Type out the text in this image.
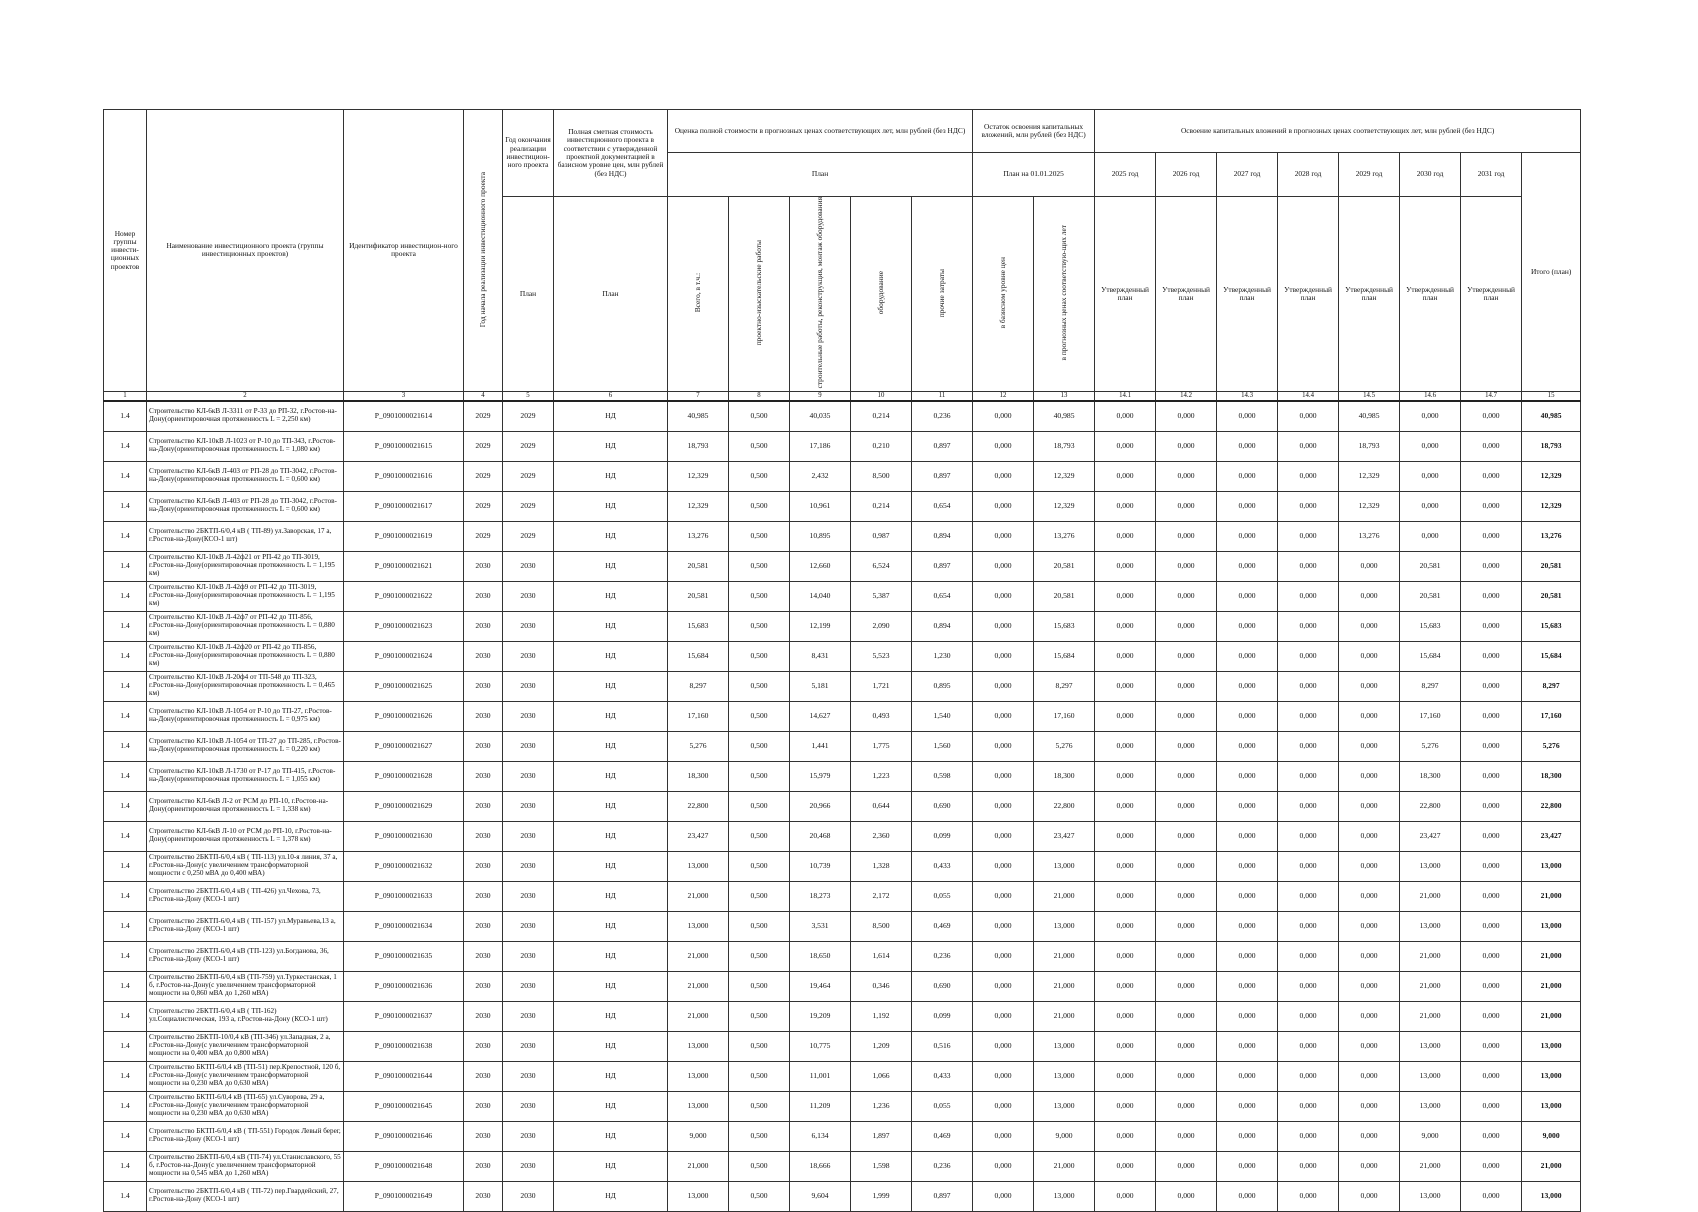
Номер группы инвести-ционных проектов	Наименование инвестиционного проекта (группы инвестиционных проектов)	Идентификатор инвестицион-ного проекта	Год начала реализации инвестиционного проекта	Год окончания реализации инвестицион-ного проекта	Полная сметная стоимость инвестиционного проекта в соответствии с утвержденной проектной документацией в базисном уровне цен, млн рублей (без НДС)	Оценка полной стоимости в прогнозных ценах соответствующих лет, млн рублей (без НДС)					Остаток освоения капитальных вложений, млн рублей (без НДС)		Освоение капитальных вложений в прогнозных ценах соответствующих лет, млн рублей (без НДС)							
						План					План на 01.01.2025		2025 год	2026 год	2027 год	2028 год	2029 год	2030 год	2031 год	Итого (план)
				План	План	Всего, в т.ч.:	проектно-изыскательские работы	строительные работы, реконструкция, монтаж оборудования	оборудование	прочие затраты	в базисном уровне цен	в прогнозных ценах соответствую-щих лет	Утвержденный план	Утвержденный план	Утвержденный план	Утвержденный план	Утвержденный план	Утвержденный план	Утвержденный план	
1	2	3	4	5	6	7	8	9	10	11	12	13	14.1	14.2	14.3	14.4	14.5	14.6	14.7	15
1.4	Строительство КЛ-6кВ Л-3311 от Р-33 до РП-32, г.Ростов-на-Дону(ориентировочная протяженность L = 2,250 км)	P_0901000021614	2029	2029	НД	40,985	0,500	40,035	0,214	0,236	0,000	40,985	0,000	0,000	0,000	0,000	40,985	0,000	0,000	40,985
1.4	Строительство КЛ-10кВ Л-1023 от Р-10 до ТП-343, г.Ростов-на-Дону(ориентировочная протяженность L = 1,080 км)	P_0901000021615	2029	2029	НД	18,793	0,500	17,186	0,210	0,897	0,000	18,793	0,000	0,000	0,000	0,000	18,793	0,000	0,000	18,793
1.4	Строительство КЛ-6кВ Л-403 от РП-28 до ТП-3042, г.Ростов-на-Дону(ориентировочная протяженность L = 0,600 км)	P_0901000021616	2029	2029	НД	12,329	0,500	2,432	8,500	0,897	0,000	12,329	0,000	0,000	0,000	0,000	12,329	0,000	0,000	12,329
1.4	Строительство КЛ-6кВ Л-403 от РП-28 до ТП-3042, г.Ростов-на-Дону(ориентировочная протяженность L = 0,600 км)	P_0901000021617	2029	2029	НД	12,329	0,500	10,961	0,214	0,654	0,000	12,329	0,000	0,000	0,000	0,000	12,329	0,000	0,000	12,329
1.4	Строительство 2БКТП-6/0,4 кВ ( ТП-89) ул.Заворская, 17 а, г.Ростов-на-Дону(КСО-1 шт)	P_0901000021619	2029	2029	НД	13,276	0,500	10,895	0,987	0,894	0,000	13,276	0,000	0,000	0,000	0,000	13,276	0,000	0,000	13,276
1.4	Строительство КЛ-10кВ Л-42ф21 от РП-42 до ТП-3019, г.Ростов-на-Дону(ориентировочная протяженность L = 1,195 км)	P_0901000021621	2030	2030	НД	20,581	0,500	12,660	6,524	0,897	0,000	20,581	0,000	0,000	0,000	0,000	0,000	20,581	0,000	20,581
1.4	Строительство КЛ-10кВ Л-42ф9 от РП-42 до ТП-3019, г.Ростов-на-Дону(ориентировочная протяженность L = 1,195 км)	P_0901000021622	2030	2030	НД	20,581	0,500	14,040	5,387	0,654	0,000	20,581	0,000	0,000	0,000	0,000	0,000	20,581	0,000	20,581
1.4	Строительство КЛ-10кВ Л-42ф7 от РП-42 до ТП-856, г.Ростов-на-Дону(ориентировочная протяженность L = 0,880 км)	P_0901000021623	2030	2030	НД	15,683	0,500	12,199	2,090	0,894	0,000	15,683	0,000	0,000	0,000	0,000	0,000	15,683	0,000	15,683
1.4	Строительство КЛ-10кВ Л-42ф20 от РП-42 до ТП-856, г.Ростов-на-Дону(ориентировочная протяженность L = 0,880 км)	P_0901000021624	2030	2030	НД	15,684	0,500	8,431	5,523	1,230	0,000	15,684	0,000	0,000	0,000	0,000	0,000	15,684	0,000	15,684
1.4	Строительство КЛ-10кВ Л-20ф4 от ТП-548 до ТП-323, г.Ростов-на-Дону(ориентировочная протяженность L = 0,465 км)	P_0901000021625	2030	2030	НД	8,297	0,500	5,181	1,721	0,895	0,000	8,297	0,000	0,000	0,000	0,000	0,000	8,297	0,000	8,297
1.4	Строительство КЛ-10кВ Л-1054 от Р-10 до ТП-27, г.Ростов-на-Дону(ориентировочная протяженность L = 0,975 км)	P_0901000021626	2030	2030	НД	17,160	0,500	14,627	0,493	1,540	0,000	17,160	0,000	0,000	0,000	0,000	0,000	17,160	0,000	17,160
1.4	Строительство КЛ-10кВ Л-1054 от ТП-27 до ТП-285, г.Ростов-на-Дону(ориентировочная протяженность L = 0,220 км)	P_0901000021627	2030	2030	НД	5,276	0,500	1,441	1,775	1,560	0,000	5,276	0,000	0,000	0,000	0,000	0,000	5,276	0,000	5,276
1.4	Строительство КЛ-10кВ Л-1730 от Р-17 до ТП-415, г.Ростов-на-Дону(ориентировочная протяженность L = 1,055 км)	P_0901000021628	2030	2030	НД	18,300	0,500	15,979	1,223	0,598	0,000	18,300	0,000	0,000	0,000	0,000	0,000	18,300	0,000	18,300
1.4	Строительство КЛ-6кВ Л-2 от РСМ до РП-10, г.Ростов-на-Дону(ориентировочная протяженность L = 1,338 км)	P_0901000021629	2030	2030	НД	22,800	0,500	20,966	0,644	0,690	0,000	22,800	0,000	0,000	0,000	0,000	0,000	22,800	0,000	22,800
1.4	Строительство КЛ-6кВ Л-10 от РСМ до РП-10, г.Ростов-на-Дону(ориентировочная протяженность L = 1,378 км)	P_0901000021630	2030	2030	НД	23,427	0,500	20,468	2,360	0,099	0,000	23,427	0,000	0,000	0,000	0,000	0,000	23,427	0,000	23,427
1.4	Строительство 2БКТП-6/0,4 кВ ( ТП-113) ул.10-я линия, 37 а, г.Ростов-на-Дону(с увеличением трансформаторной мощности с 0,250 мВА до 0,400 мВА)	P_0901000021632	2030	2030	НД	13,000	0,500	10,739	1,328	0,433	0,000	13,000	0,000	0,000	0,000	0,000	0,000	13,000	0,000	13,000
1.4	Строительство 2БКТП-6/0,4 кВ ( ТП-426) ул.Чехова, 73, г.Ростов-на-Дону (КСО-1 шт)	P_0901000021633	2030	2030	НД	21,000	0,500	18,273	2,172	0,055	0,000	21,000	0,000	0,000	0,000	0,000	0,000	21,000	0,000	21,000
1.4	Строительство 2БКТП-6/0,4 кВ ( ТП-157) ул.Муравьева,13 а, г.Ростов-на-Дону (КСО-1 шт)	P_0901000021634	2030	2030	НД	13,000	0,500	3,531	8,500	0,469	0,000	13,000	0,000	0,000	0,000	0,000	0,000	13,000	0,000	13,000
1.4	Строительство 2БКТП-6/0,4 кВ (ТП-123) ул.Богданова, 36, г.Ростов-на-Дону (КСО-1 шт)	P_0901000021635	2030	2030	НД	21,000	0,500	18,650	1,614	0,236	0,000	21,000	0,000	0,000	0,000	0,000	0,000	21,000	0,000	21,000
1.4	Строительство 2БКТП-6/0,4 кВ (ТП-759) ул.Туркестанская, 1 б, г.Ростов-на-Дону(с увеличением трансформаторной мощности на 0,860 мВА до 1,260 мВА)	P_0901000021636	2030	2030	НД	21,000	0,500	19,464	0,346	0,690	0,000	21,000	0,000	0,000	0,000	0,000	0,000	21,000	0,000	21,000
1.4	Строительство 2БКТП-6/0,4 кВ ( ТП-162) ул.Социалистическая, 193 а, г.Ростов-на-Дону (КСО-1 шт)	P_0901000021637	2030	2030	НД	21,000	0,500	19,209	1,192	0,099	0,000	21,000	0,000	0,000	0,000	0,000	0,000	21,000	0,000	21,000
1.4	Строительство 2БКТП-10/0,4 кВ (ТП-346) ул.Западная, 2 а, г.Ростов-на-Дону(с увеличением трансформаторной мощности на 0,400 мВА до 0,800 мВА)	P_0901000021638	2030	2030	НД	13,000	0,500	10,775	1,209	0,516	0,000	13,000	0,000	0,000	0,000	0,000	0,000	13,000	0,000	13,000
1.4	Строительство БКТП-6/0,4 кВ (ТП-51) пер.Крепостной, 120 б, г.Ростов-на-Дону(с увеличением трансформаторной мощности на 0,230 мВА до 0,630 мВА)	P_0901000021644	2030	2030	НД	13,000	0,500	11,001	1,066	0,433	0,000	13,000	0,000	0,000	0,000	0,000	0,000	13,000	0,000	13,000
1.4	Строительство БКТП-6/0,4 кВ (ТП-65) ул.Суворова, 29 а, г.Ростов-на-Дону(с увеличением трансформаторной мощности на 0,230 мВА до 0,630 мВА)	P_0901000021645	2030	2030	НД	13,000	0,500	11,209	1,236	0,055	0,000	13,000	0,000	0,000	0,000	0,000	0,000	13,000	0,000	13,000
1.4	Строительство БКТП-6/0,4 кВ ( ТП-551) Городок Левый берег, г.Ростов-на-Дону (КСО-1 шт)	P_0901000021646	2030	2030	НД	9,000	0,500	6,134	1,897	0,469	0,000	9,000	0,000	0,000	0,000	0,000	0,000	9,000	0,000	9,000
1.4	Строительство 2БКТП-6/0,4 кВ (ТП-74) ул.Станиславского, 55 б, г.Ростов-на-Дону(с увеличением трансформаторной мощности на 0,545 мВА до 1,260 мВА)	P_0901000021648	2030	2030	НД	21,000	0,500	18,666	1,598	0,236	0,000	21,000	0,000	0,000	0,000	0,000	0,000	21,000	0,000	21,000
1.4	Строительство 2БКТП-6/0,4 кВ ( ТП-72) пер.Гвардейский, 27, г.Ростов-на-Дону (КСО-1 шт)	P_0901000021649	2030	2030	НД	13,000	0,500	9,604	1,999	0,897	0,000	13,000	0,000	0,000	0,000	0,000	0,000	13,000	0,000	13,000
